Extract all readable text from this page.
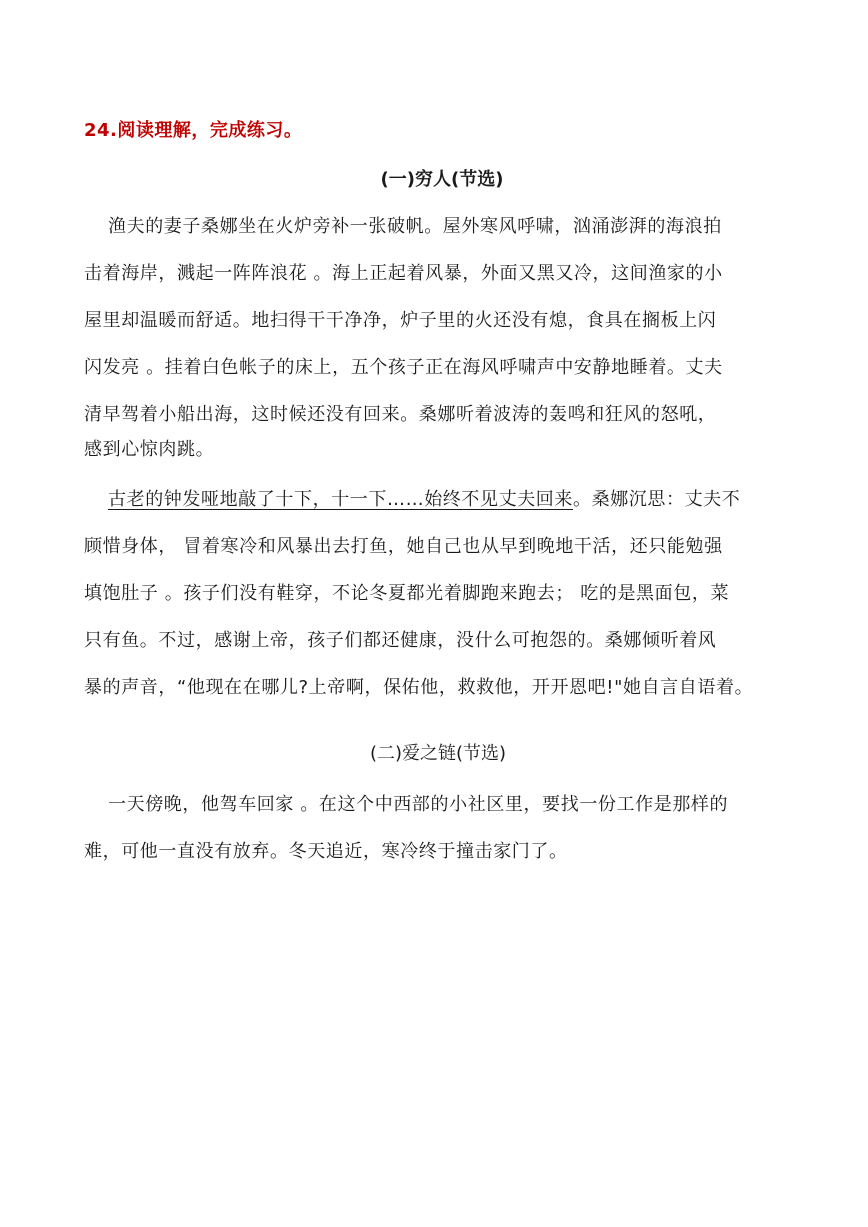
24.阅读理解，完成练习。
(一)穷人(节选)
渔夫的妻子桑娜坐在火炉旁补一张破帆。屋外寒风呼啸，汹涌澎湃的海浪拍
击着海岸，溅起一阵阵浪花 。海上正起着风暴，外面又黑又冷，这间渔家的小
屋里却温暖而舒适。地扫得干干净净，炉子里的火还没有熄，食具在搁板上闪
闪发亮 。挂着白色帐子的床上，五个孩子正在海风呼啸声中安静地睡着。丈夫
清早驾着小船出海，这时候还没有回来。桑娜听着波涛的轰鸣和狂风的怒吼，
感到心惊肉跳。
古老的钟发哑地敲了十下，十一下……始终不见丈夫回来。桑娜沉思：丈夫不
顾惜身体， 冒着寒冷和风暴出去打鱼，她自己也从早到晚地干活，还只能勉强
填饱肚子 。孩子们没有鞋穿，不论冬夏都光着脚跑来跑去； 吃的是黑面包，菜
只有鱼。不过，感谢上帝，孩子们都还健康，没什么可抱怨的。桑娜倾听着风
暴的声音，“他现在在哪儿?上帝啊，保佑他，救救他，开开恩吧!"她自言自语着。
(二)爱之链(节选)
一天傍晚，他驾车回家 。在这个中西部的小社区里，要找一份工作是那样的
难，可他一直没有放弃。冬天追近，寒冷终于撞击家门了。
